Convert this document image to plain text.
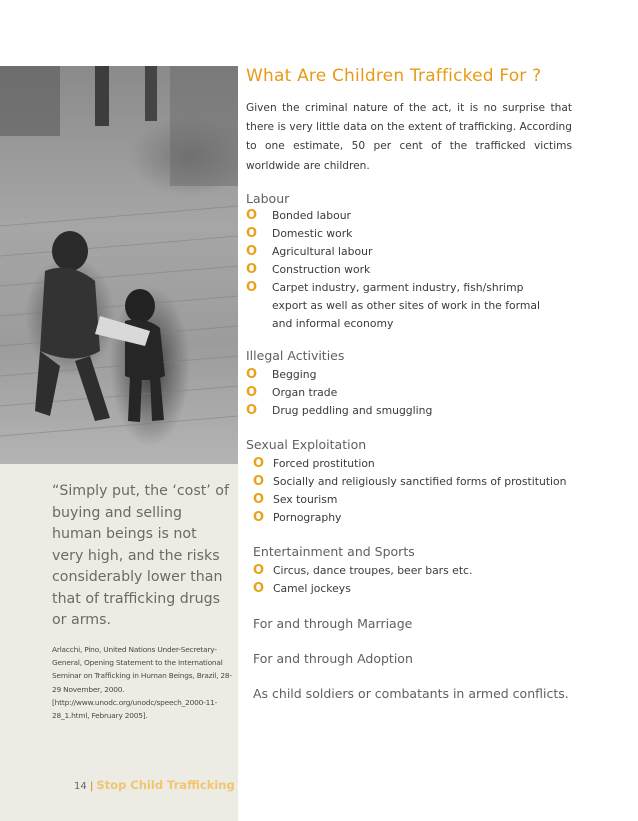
“Simply put, the ‘cost’ of buying and selling human beings is not very high, and the risks considerably lower than that of trafficking drugs or arms.
Arlacchi, Pino, United Nations Under-Secretary-General, Opening Statement to the International Seminar on Trafficking in Human Beings, Brazil, 28-29 November, 2000. [http://www.unodc.org/unodc/speech_2000-11-28_1.html, February 2005].
14 | Stop Child Trafficking
What Are Children Trafficked For ?
Given the criminal nature of the act, it is no surprise that there is very little data on the extent of trafficking. According to one estimate, 50 per cent of the trafficked victims worldwide are children.
Labour
O Bonded labour
O Domestic work
O Agricultural labour
O Construction work
O Carpet industry, garment industry, fish/shrimp export as well as other sites of work in the formal and informal economy
Illegal Activities
O Begging
O Organ trade
O Drug peddling and smuggling
Sexual Exploitation
O Forced prostitution
O Socially and religiously sanctified forms of prostitution
O Sex tourism
O Pornography
Entertainment and Sports
O Circus, dance troupes, beer bars etc.
O Camel jockeys
For and through Marriage
For and through Adoption
As child soldiers or combatants in armed conflicts.
